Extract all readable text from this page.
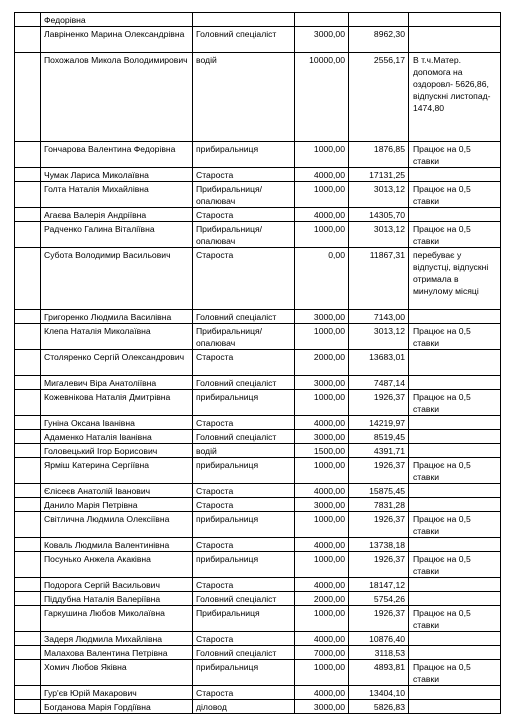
	Федорівна				
	Лавріненко Марина Олександрівна	Головний спеціаліст	3000,00	8962,30	
	Похожалов Микола Володимирович	водій	10000,00	2556,17	В т.ч.Матер. допомога на оздоровл- 5626,86, відпускні листопад- 1474,80
	Гончарова Валентина Федорівна	прибиральниця	1000,00	1876,85	Працює на 0,5 ставки
	Чумак Лариса Миколаївна	Староста	4000,00	17131,25	
	Голта Наталія Михайлівна	Прибиральниця/ опалювач	1000,00	3013,12	Працює на 0,5 ставки
	Агаєва Валерія Андріївна	Староста	4000,00	14305,70	
	Радченко Галина Віталіївна	Прибиральниця/ опалювач	1000,00	3013,12	Працює на 0,5 ставки
	Субота Володимир Васильович	Староста	0,00	11867,31	перебуває у відпустці, відпускні отримала в минулому місяці
	Григоренко Людмила Василівна	Головний спеціаліст	3000,00	7143,00	
	Клепа Наталія Миколаївна	Прибиральниця/ опалювач	1000,00	3013,12	Працює на 0,5 ставки
	Столяренко Сергій Олександрович	Староста	2000,00	13683,01	
	Мигалевич Віра Анатоліївна	Головний спеціаліст	3000,00	7487,14	
	Кожевнікова Наталія Дмитрівна	прибиральниця	1000,00	1926,37	Працює на 0,5 ставки
	Гуніна Оксана Іванівна	Староста	4000,00	14219,97	
	Адаменко Наталія Іванівна	Головний спеціаліст	3000,00	8519,45	
	Головецький Ігор Борисович	водій	1500,00	4391,71	
	Ярміш Катерина Сергіївна	прибиральниця	1000,00	1926,37	Працює на 0,5 ставки
	Єлісеєв Анатолій Іванович	Староста	4000,00	15875,45	
	Данило Марія Петрівна	Староста	3000,00	7831,28	
	Світлична Людмила Олексіївна	прибиральниця	1000,00	1926,37	Працює на 0,5 ставки
	Коваль Людмила Валентинівна	Староста	4000,00	13738,18	
	Посунько Анжела Акаківна	прибиральниця	1000,00	1926,37	Працює на 0,5 ставки
	Подорога Сергій Васильович	Староста	4000,00	18147,12	
	Піддубна Наталія Валеріївна	Головний спеціаліст	2000,00	5754,26	
	Гаркушина Любов Миколаївна	Прибиральниця	1000,00	1926,37	Працює на 0,5 ставки
	Задеря Людмила Михайлівна	Староста	4000,00	10876,40	
	Малахова Валентина Петрівна	Головний спеціаліст	7000,00	3118,53	
	Хомич Любов Яківна	прибиральниця	1000,00	4893,81	Працює на 0,5 ставки
	Гур'єв Юрій Макарович	Староста	4000,00	13404,10	
	Богданова Марія Гордіївна	діловод	3000,00	5826,83	
